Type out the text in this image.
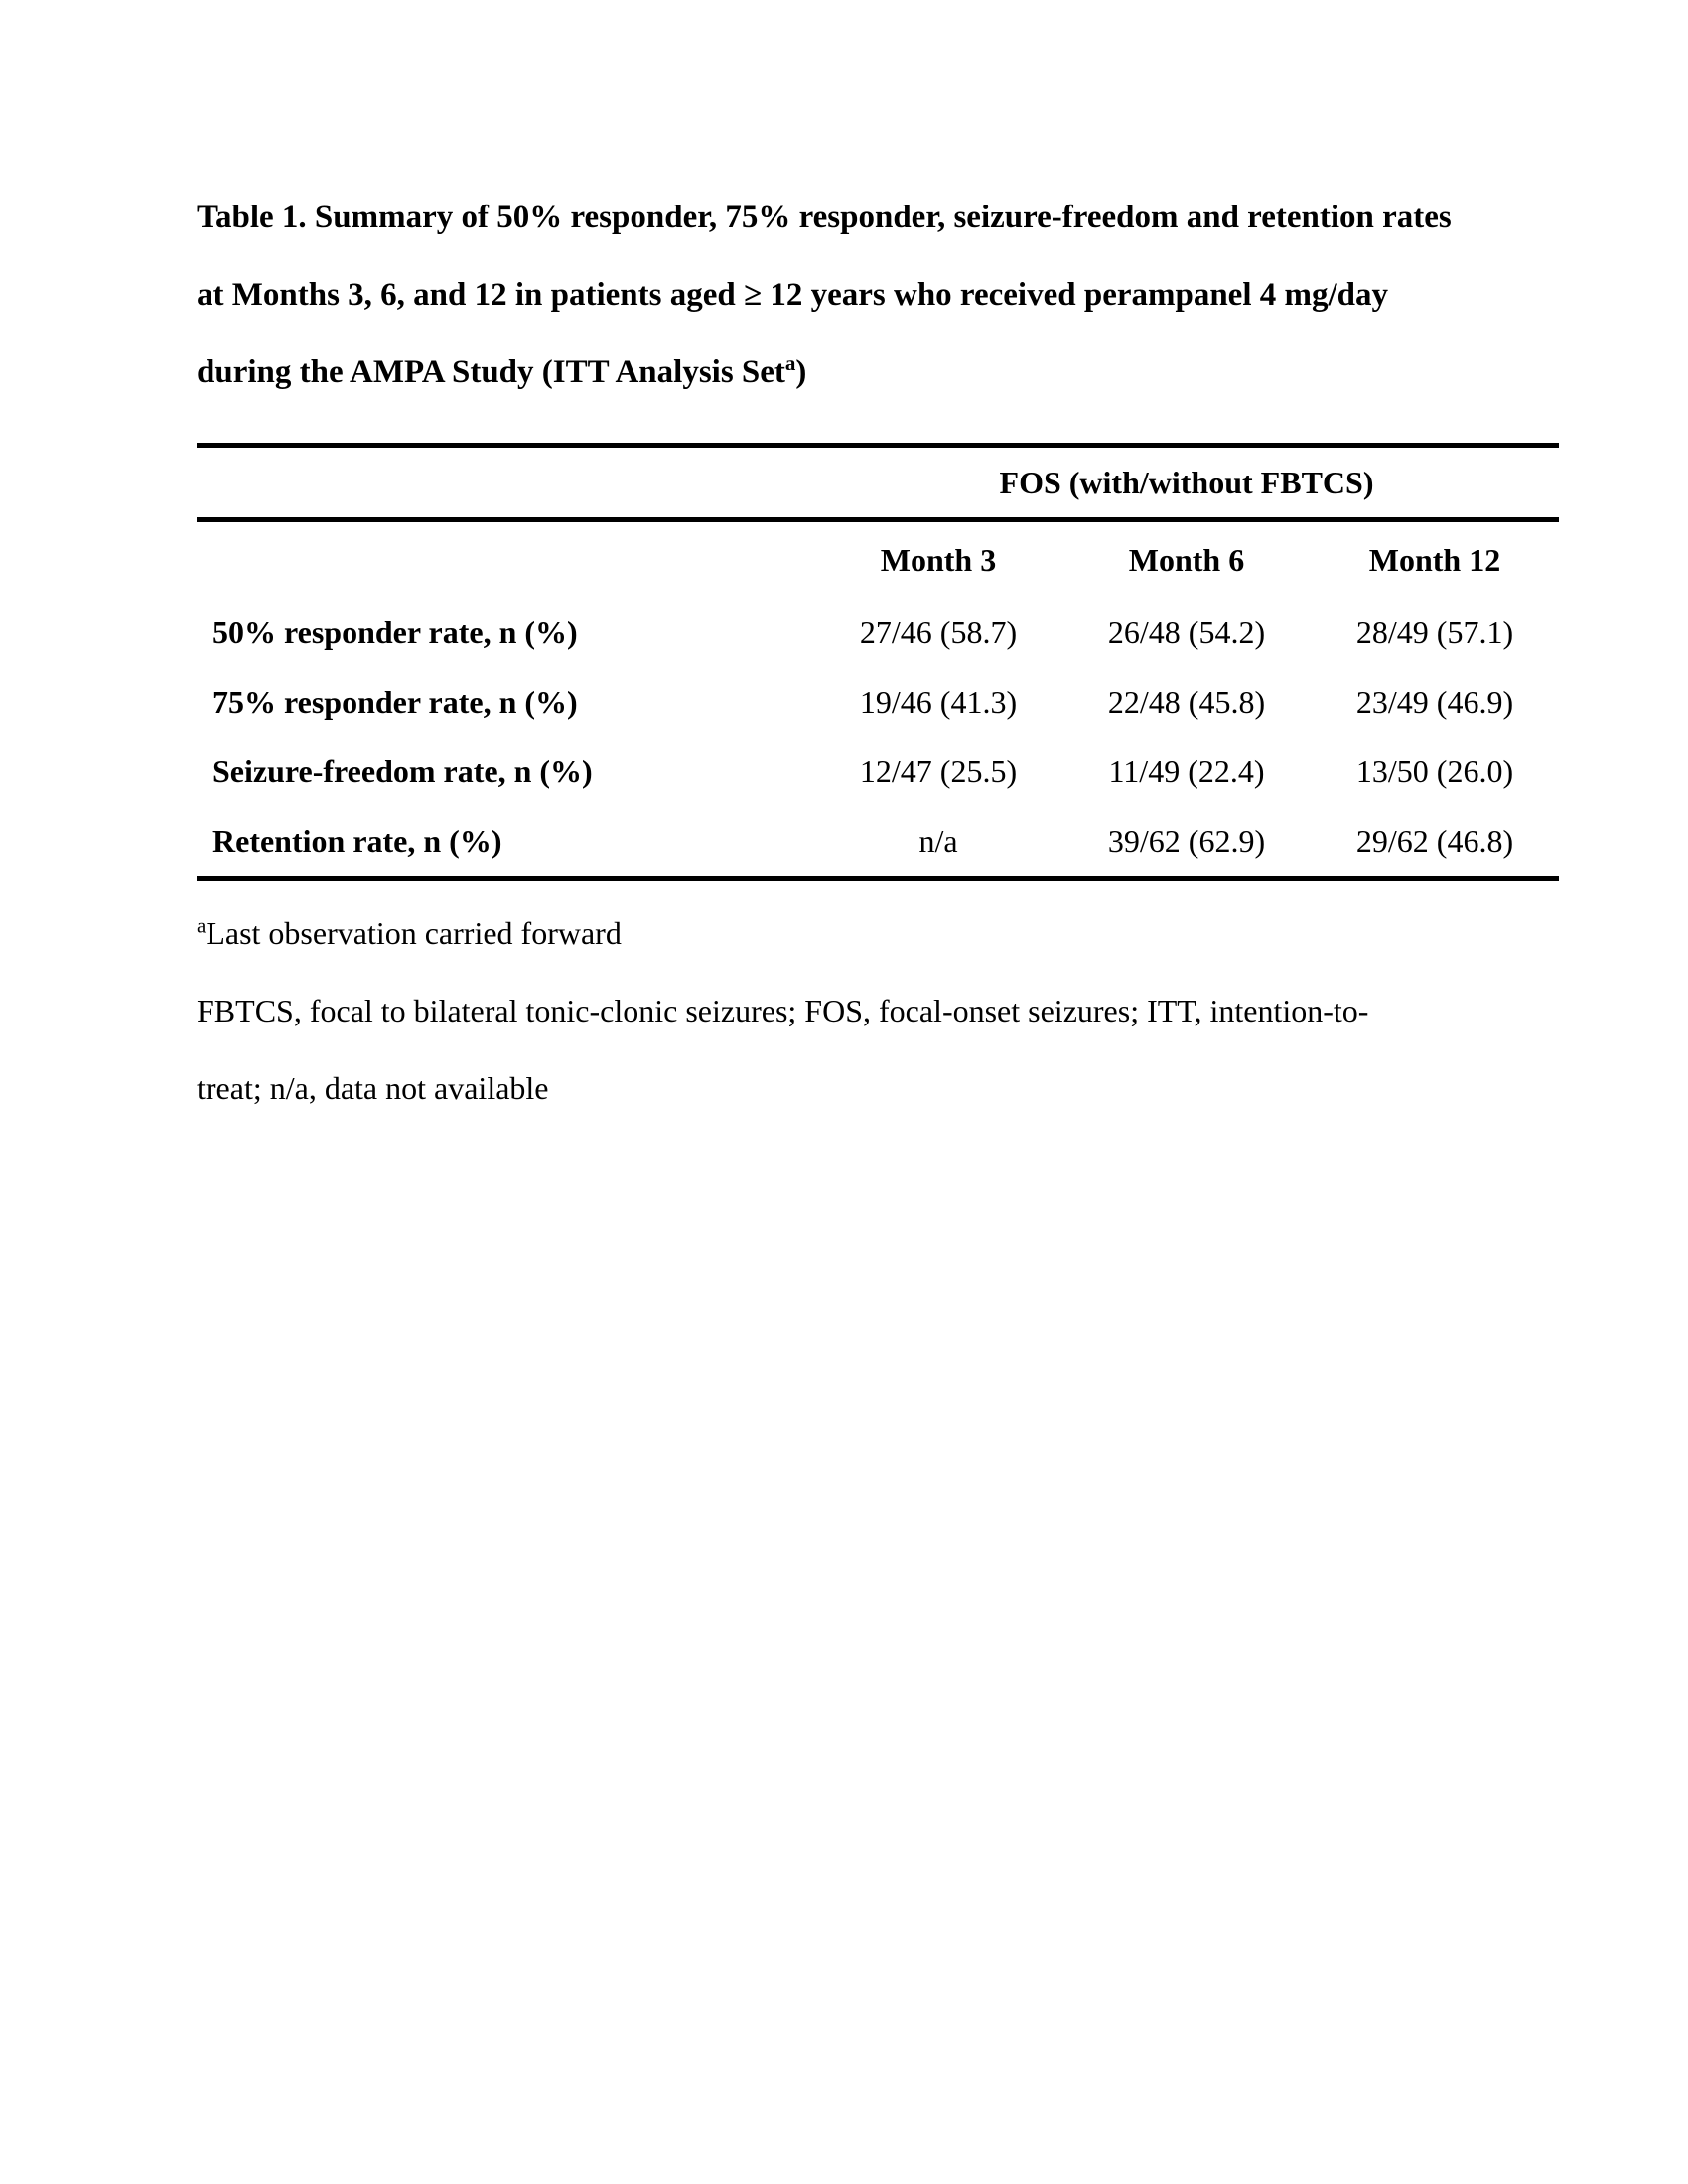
Table 1. Summary of 50% responder, 75% responder, seizure-freedom and retention rates
at Months 3, 6, and 12 in patients aged ≥ 12 years who received perampanel 4 mg/day
during the AMPA Study (ITT Analysis Set$^a$)
FOS (with/without FBTCS)
Month 3	Month 6	Month 12
50% responder rate, n (%)	27/46 (58.7)	26/48 (54.2)	28/49 (57.1)
75% responder rate, n (%)	19/46 (41.3)	22/48 (45.8)	23/49 (46.9)
Seizure-freedom rate, n (%)	12/47 (25.5)	11/49 (22.4)	13/50 (26.0)
Retention rate, n (%)	n/a	39/62 (62.9)	29/62 (46.8)
$^a$Last observation carried forward
FBTCS, focal to bilateral tonic-clonic seizures; FOS, focal-onset seizures; ITT, intention-to-
treat; n/a, data not available
